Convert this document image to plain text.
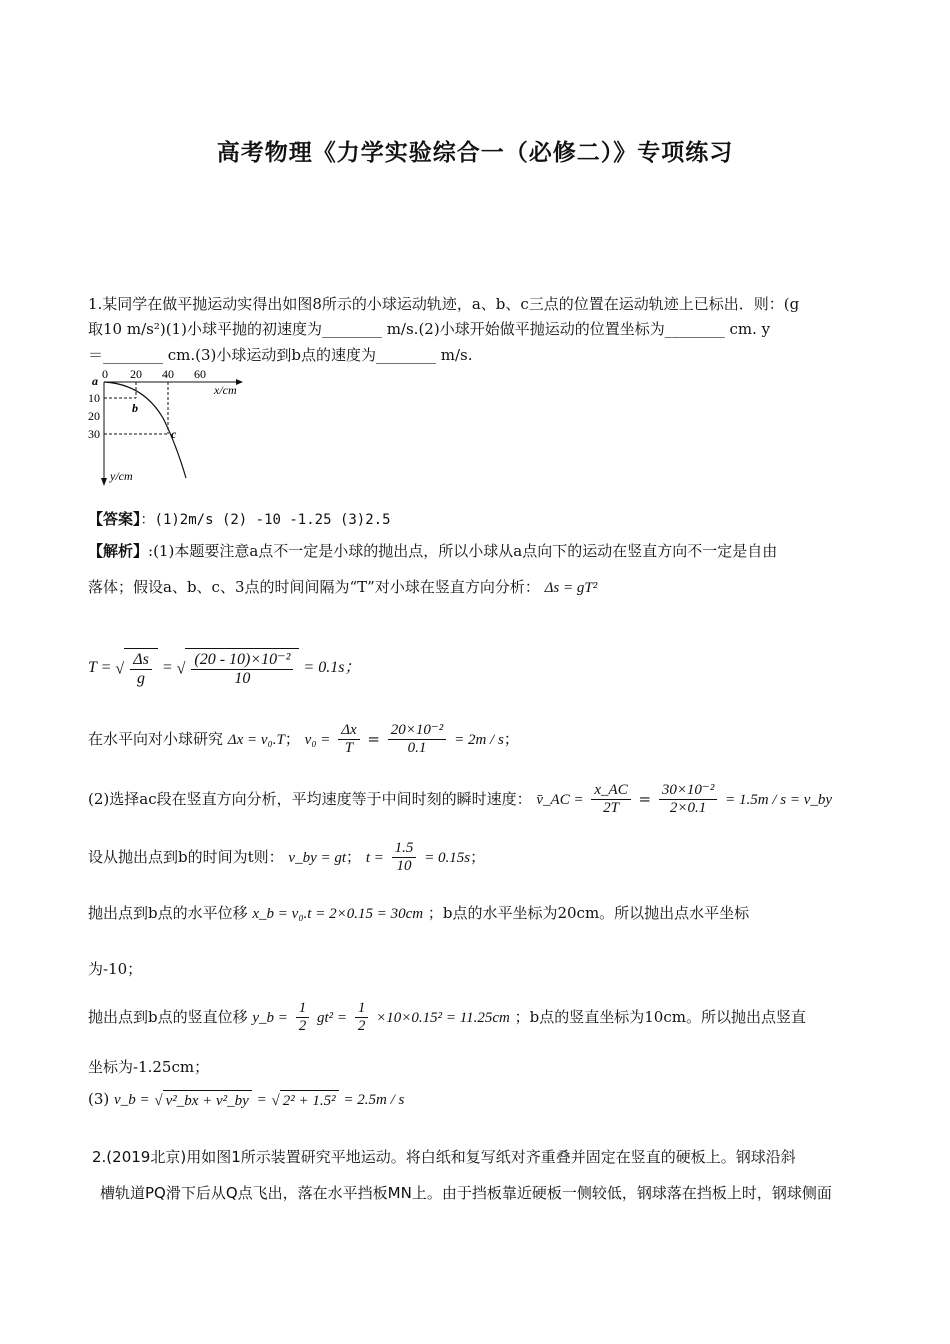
高考物理《力学实验综合一（必修二）》专项练习
1.某同学在做平抛运动实得出如图8所示的小球运动轨迹，a、b、c三点的位置在运动轨迹上已标出．则：(g
取10 m/s²)(1)小球平抛的初速度为________ m/s.(2)小球开始做平抛运动的位置坐标为________ cm. y
＝________ cm.(3)小球运动到b点的速度为________ m/s.
a
b
c
0 20 40 60
x/cm
10
20
30
y/cm
【答案】：(1)2m/s (2) -10 -1.25 (3)2.5
【解析】:(1)本题要注意a点不一定是小球的抛出点，所以小球从a点向下的运动在竖直方向不一定是自由
落体；假设a、b、c、3点的时间间隔为“T”对小球在竖直方向分析： Δs = gT²
T = √ $\frac{\Delta s}{g}$ = √ $\frac{\text{(20 - 10)×10⁻²}}{10} = 0.1s$；
在水平向对小球研究 Δx = v₀.T； $v_0 = \frac{\Delta x}{T} = \frac{\text{20×10⁻²}}{0.1} = 2m / s$；
(2)选择ac段在竖直方向分析，平均速度等于中间时刻的瞬时速度： v̄_AC = $\frac{x\_AC}{2T} = \frac{\text{30×10⁻²}}{2\times 0.1} = 1.5m / s$ = v_by
设从抛出点到b的时间为t则： v_by = gt； $t = \frac{1.5}{10} = 0.15s$；
抛出点到b点的水平位移 x_b = v₀.t = 2×0.15 = 30cm ；b点的水平坐标为20cm。所以抛出点水平坐标
为-10；
抛出点到b点的竖直位移 y_b = $\frac{1}{2} gt^2 = \frac{1}{2} \times 10\times 0.15^2 = 11.25cm$ ；b点的竖直坐标为10cm。所以抛出点竖直
坐标为-1.25cm；
(3) v_b = √ v²_bx + v²_by = √ 2² + 1.5² = 2.5m / s
2.(2019北京)用如图1所示装置研究平地运动。将白纸和复写纸对齐重叠并固定在竖直的硬板上。钢球沿斜
槽轨道PQ滑下后从Q点飞出，落在水平挡板MN上。由于挡板靠近硬板一侧较低，钢球落在挡板上时，钢球侧面
